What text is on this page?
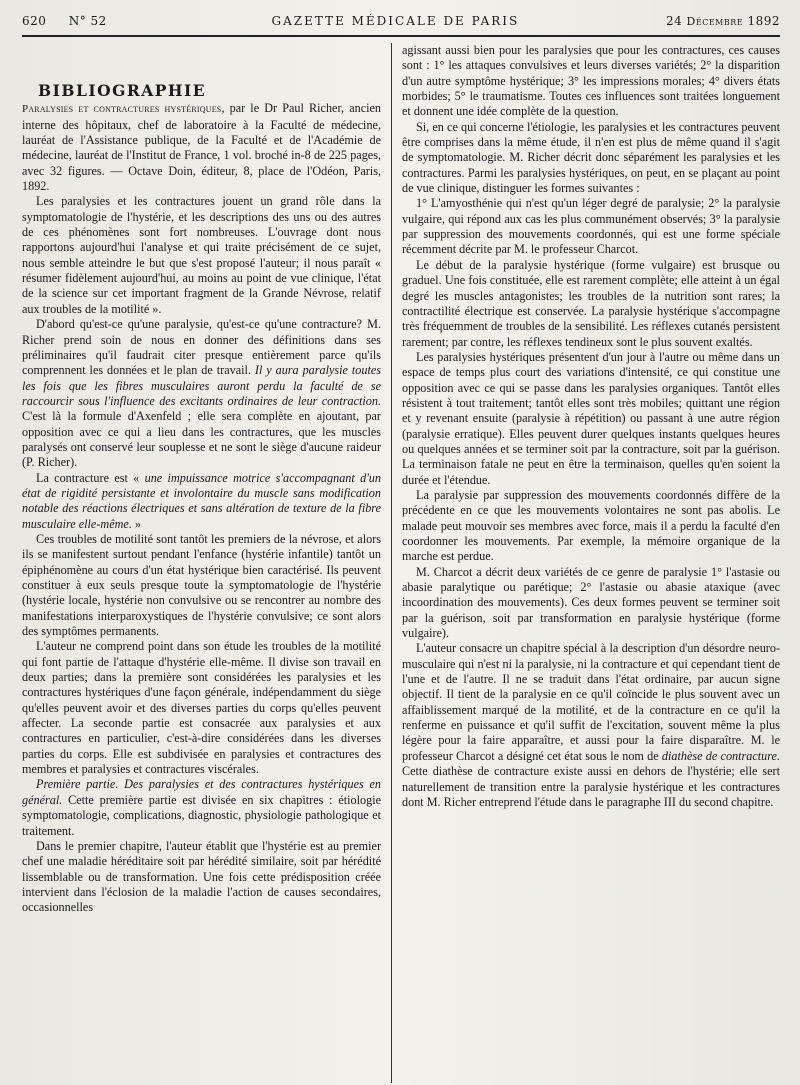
620 N° 52	GAZETTE MÉDICALE DE PARIS	24 Décembre 1892
BIBLIOGRAPHIE

Paralysies et contractures hystériques, par le Dr Paul Richer, ancien interne des hôpitaux, chef de laboratoire à la Faculté de médecine, lauréat de l'Assistance publique, de la Faculté et de l'Académie de médecine, lauréat de l'Institut de France, 1 vol. broché in-8 de 225 pages, avec 32 figures. — Octave Doin, éditeur, 8, place de l'Odéon, Paris, 1892.

Les paralysies et les contractures jouent un grand rôle dans la symptomatologie de l'hystérie, et les descriptions des uns ou des autres de ces phénomènes sont fort nombreuses. L'ouvrage dont nous rapportons aujourd'hui l'analyse et qui traite précisément de ce sujet, nous semble atteindre le but que s'est proposé l'auteur; il nous paraît « résumer fidèlement aujourd'hui, au moins au point de vue clinique, l'état de la science sur cet important fragment de la Grande Névrose, relatif aux troubles de la motilité ».

D'abord qu'est-ce qu'une paralysie, qu'est-ce qu'une contracture? M. Richer prend soin de nous en donner des définitions dans ses préliminaires qu'il faudrait citer presque entièrement parce qu'ils comprennent les données et le plan de travail. Il y aura paralysie toutes les fois que les fibres musculaires auront perdu la faculté de se raccourcir sous l'influence des excitants ordinaires de leur contraction. C'est là la formule d'Axenfeld ; elle sera complète en ajoutant, par opposition avec ce qui a lieu dans les contractures, que les muscles paralysés ont conservé leur souplesse et ne sont le siège d'aucune raideur (P. Richer).

La contracture est « une impuissance motrice s'accompagnant d'un état de rigidité persistante et involontaire du muscle sans modification notable des réactions électriques et sans altération de texture de la fibre musculaire elle-même. »

Ces troubles de motilité sont tantôt les premiers de la névrose, et alors ils se manifestent surtout pendant l'enfance (hystérie infantile) tantôt un épiphénomène au cours d'un état hystérique bien caractérisé. Ils peuvent constituer à eux seuls presque toute la symptomatologie de l'hystérie (hystérie locale, hystérie non convulsive ou se rencontrer au nombre des manifestations interparoxystiques de l'hystérie convulsive; ce sont alors des symptômes permanents.

L'auteur ne comprend point dans son étude les troubles de la motilité qui font partie de l'attaque d'hystérie elle-même. Il divise son travail en deux parties; dans la première sont considérées les paralysies et les contractures hystériques d'une façon générale, indépendamment du siège qu'elles peuvent avoir et des diverses parties du corps qu'elles peuvent affecter. La seconde partie est consacrée aux paralysies et aux contractures en particulier, c'est-à-dire considérées dans les diverses parties du corps. Elle est subdivisée en paralysies et contractures des membres et paralysies et contractures viscérales.

Première partie. Des paralysies et des contractures hystériques en général. Cette première partie est divisée en six chapitres : étiologie symptomatologie, complications, diagnostic, physiologie pathologique et traitement.

Dans le premier chapitre, l'auteur établit que l'hystérie est au premier chef une maladie héréditaire soit par hérédité similaire, soit par hérédité lissemblable ou de transformation. Une fois cette prédisposition créée intervient dans l'éclosion de la maladie l'action de causes secondaires, occasionnelles

agissant aussi bien pour les paralysies que pour les contractures, ces causes sont : 1° les attaques convulsives et leurs diverses variétés; 2° la disparition d'un autre symptôme hystérique; 3° les impressions morales; 4° divers états morbides; 5° le traumatisme. Toutes ces influences sont traitées longuement et donnent une idée complète de la question.

Si, en ce qui concerne l'étiologie, les paralysies et les contractures peuvent être comprises dans la même étude, il n'en est plus de même quand il s'agit de symptomatologie. M. Richer décrit donc séparément les paralysies et les contractures. Parmi les paralysies hystériques, on peut, en se plaçant au point de vue clinique, distinguer les formes suivantes :

1° L'amyosthénie qui n'est qu'un léger degré de paralysie; 2° la paralysie vulgaire, qui répond aux cas les plus communément observés; 3° la paralysie par suppression des mouvements coordonnés, qui est une forme spéciale récemment décrite par M. le professeur Charcot.

Le début de la paralysie hystérique (forme vulgaire) est brusque ou graduel. Une fois constituée, elle est rarement complète; elle atteint à un égal degré les muscles antagonistes; les troubles de la nutrition sont rares; la contractilité électrique est conservée. La paralysie hystérique s'accompagne très fréquemment de troubles de la sensibilité. Les réflexes cutanés persistent rarement; par contre, les réflexes tendineux sont le plus souvent exaltés.

Les paralysies hystériques présentent d'un jour à l'autre ou même dans un espace de temps plus court des variations d'intensité, ce qui constitue une opposition avec ce qui se passe dans les paralysies organiques. Tantôt elles résistent à tout traitement; tantôt elles sont très mobiles; quittant une région et y revenant ensuite (paralysie à répétition) ou passant à une autre région (paralysie erratique). Elles peuvent durer quelques instants quelques heures ou quelques années et se terminer soit par la contracture, soit par la guérison. La terminaison fatale ne peut en être la terminaison, quelles qu'en soient la durée et l'étendue.

La paralysie par suppression des mouvements coordonnés diffère de la précédente en ce que les mouvements volontaires ne sont pas abolis. Le malade peut mouvoir ses membres avec force, mais il a perdu la faculté d'en coordonner les mouvements. Par exemple, la mémoire organique de la marche est perdue.

M. Charcot a décrit deux variétés de ce genre de paralysie 1° l'astasie ou abasie paralytique ou parétique; 2° l'astasie ou abasie ataxique (avec incoordination des mouvements). Ces deux formes peuvent se terminer soit par la guérison, soit par transformation en paralysie hystérique (forme vulgaire).

L'auteur consacre un chapitre spécial à la description d'un désordre neuro-musculaire qui n'est ni la paralysie, ni la contracture et qui cependant tient de l'une et de l'autre. Il ne se traduit dans l'état ordinaire, par aucun signe objectif. Il tient de la paralysie en ce qu'il coïncide le plus souvent avec un affaiblissement marqué de la motilité, et de la contracture en ce qu'il la renferme en puissance et qu'il suffit de l'excitation, souvent même la plus légère pour la faire apparaître, et aussi pour la faire disparaître. M. le professeur Charcot a désigné cet état sous le nom de diathèse de contracture. Cette diathèse de contracture existe aussi en dehors de l'hystérie; elle sert naturellement de transition entre la paralysie hystérique et les contractures dont M. Richer entreprend l'étude dans le paragraphe III du second chapitre.
